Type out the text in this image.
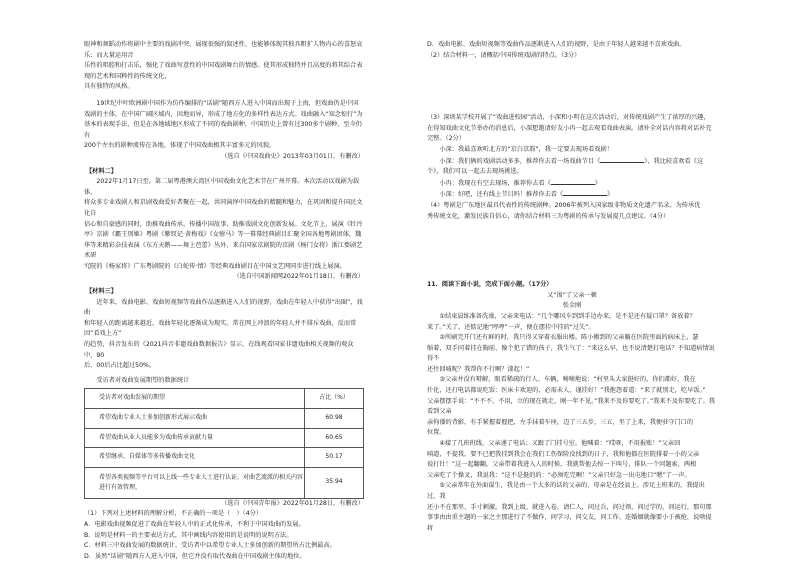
眼神和舞蹈动作将剧中主要的戏剧冲突、展现很强的叙述性，也能够体现其独具粗犷人物内心的喜怒哀乐；而大量运用音

乐性的唱腔和打击乐，强化了戏曲写意性的中国戏剧舞台的情感。使其形成独特并且高度的将其综合表现的艺术和国粹性的传统文化，

具有独特的风格。

19世纪中叶欧洲剧中国作为仿作编排的“话剧”随西方人进入中国而出现于上海，但戏曲仍是中国

戏剧的主体，在中国广阔区域内，因地而异，形成了地方化的多样性表达方式。戏曲融入“知念惊行”为

基本的表现手法，但是在各地域地区形成了不同的戏曲剧种，中国历史上曾有过300多个剧种，至今仍有

200个左右的剧种流传在各地，体现了中国戏曲极其丰富多元的风貌。

（选自《中国戏曲史》2013年03月01日，有删改）

【材料二】

2022年1月17日至，第二届粤港澳大湾区中国戏曲文化艺术节在广州开幕。本次活动以戏剧为载体，

将众多专业戏剧人和京剧戏曲爱好者聚在一起，共同演绎中国戏曲的精髓和魅力，在巩固和提升国民文化自

信心和自豪感的同时，助推戏曲传承，传播中国故事，助推戏剧文化创新发展。文化节上，展演《牡丹

亭》京剧《霸王别姬》粤剧《紫钗记·黄梅戏》《女驸马》等一幕幕经典剧目汇聚全国各地粤剧团体，魏

华等来精彩杂技表演《东方天鹅——舞上芭蕾》丛外，来自国家京剧院的京剧《杨门女将》浙江婺剧艺术研

究院的《杨家将》广东粤剧院的《白蛇传·情》等经典戏曲剧目在中国文艺网同步进行线上展演。

（选自中国新闻网2022年01月18日，有删改）

【材料三】

近年来，戏曲电影、戏曲短视频等戏曲作品逐渐进入人们的视野，戏曲在年轻人中获得“出圈”，戏曲

和年轻人的距离越来越近，戏曲年轻化逐渐成为现实。常在网上冲浪的年轻人并不排斥戏曲，反而常因“看戏上方”

的趋势，抖音发布的《2021抖音非遗戏曲数据报告》显示，在线观看国家非遗戏曲相关视频的观众中，90

后、00后占比超过50%。

受访者对戏曲发展期望的数据统计

受访者对戏曲发展的期望	占比（%）
希望戏曲专业人士多加创新形式展示戏曲	60.98
希望戏曲从业人员能多为戏曲传承贡献力量	60.65
希望继承、自媒体等多传播戏曲文化	50.17
希望各类视频等平台可以上线一些专业人士进行认证、对曲艺流派的相关内容进行有效管理。	35.94

（选自《中国青年报》2022年01月28日，有删改）

（1）下列对上述材料的理解分析，不正确的一项是（　）（4分）

A．电影戏曲视频促进了戏曲在年轻人中的正式化传承，不利于中国戏曲的发展。

B．说明是材料一的主要表达方式，其中画线内容使用的是说明的说明方法。

C．材料三中戏曲发展的数据统计，受访者中以希望专业人士多加创新的期望所占比例最高。

D．虽然“话剧”随西方人进入中国，但它并没有取代戏曲在中国戏剧主体的地位。

D．戏曲电影、戏曲短视频等戏曲作品逐渐进入人们的视野，是由于年轻人越来越不喜欢戏曲。

（2）结合材料一，请概括中国传统戏剧的特点。（3分）

（3）深圳某学校开展了“戏曲进校园”活动，小深和小明在这次活动后，对传统戏剧产生了浓厚的兴趣，

在得知戏曲文化节举办的消息后，小深想邀请好友小冉一起去观看戏曲表演。请补全对话内容将对话补充完整。（2分）

小深：我最喜欢听北方的“京白京韵”，我一定要去现场看戏剧！

小深：我们俩的戏剧活动多多，推荐你去看一场戏曲节目《	》，我比较喜欢看《这个》，我们可以一起去去现场挑选。

小冉：我现在有空去现场，推荐你去看《	》

小深：好吧，还有线上节目吗！推荐你去看《	》

（4）粤剧是广东地区最具代表性的传统剧种。2006年被列入国家级非物质文化遗产名录。为传承优

秀传统文化，激发民族自信心，请你结合材料三为粤剧的传承与发展提几点建议。（4分）

11．阅读下面小说，完成下面小题。（17分）

又“围”了父亲一顿

张金刚

①结束晨练准备洗澡，父亲来电话：“几个哪风车到到手边办来，是不是还有疑口罩？备放着？

来了。”关了，还惦记地“哼哼”一声，便在摆挂中挂的“过失”。

②所刷完开门还有鲜的时，我只得又穿着衣服出楼。陈小搬到的父亲躺在医院里面的病床上，瑟

缩着，双手同着挂在胸前、像个犯了错的孩子，我生气了：“来这么早，也不说清楚打电话？不知道病情说得不

还往回城呢？我帮你不行啊？漆起！”

③父亲并没有辩解，眼看稀疏的行人、车辆，喃喃地说：“村里头大家挺好的，你们都好，我在

什化，还打电话都说吃饭：医床卡欢迎的，必需未人，谨挂好！”我抱怨着道：“来了就别走，吃早饭。”

父亲摆摆手说：“不不不，不用，立的现在就走，刚一年不见。”我来不及你要吃了。”我来不及你要吃了。我看到父亲

亲佝偻的背影，有手紧握着握把，左手抹着车座，迈了三五步，三五，坐了上来，我便驻守门口的

位置。

④接了几班班线，父亲递了电话；又跟了门挂号室。他喊着：“哎呀，不用报账！”父亲回

嗔道，不提我。要不已把我挂到我会在我们工伤保险没找到的日子，我和他都在医院排着一小的父亲

说打针！”这一起翻翻，父亲带着我进入人的时候，我就帮他去按一下叫号，排队一个问题索，两根

父亲吃了个操叉，我说我：“这不是挺的的：“必须吃完啊！”父亲只好急一出屯地口“嗯”了一声。

⑤父亲常年在外面谋生，我是由一个大多的话的父亲的，母亲是在经县上、涉足上班来的，我提出过，我

还小不在那里，手寸刺激。我到上级，就进入卷，请仁人，问过兵，问过领，问过学的，问运行，那句那

事事由由重主题的一家之主那进行了不做作，问学习，问交友，问工作、连婚姻就像要小于被抢，说啥提将
